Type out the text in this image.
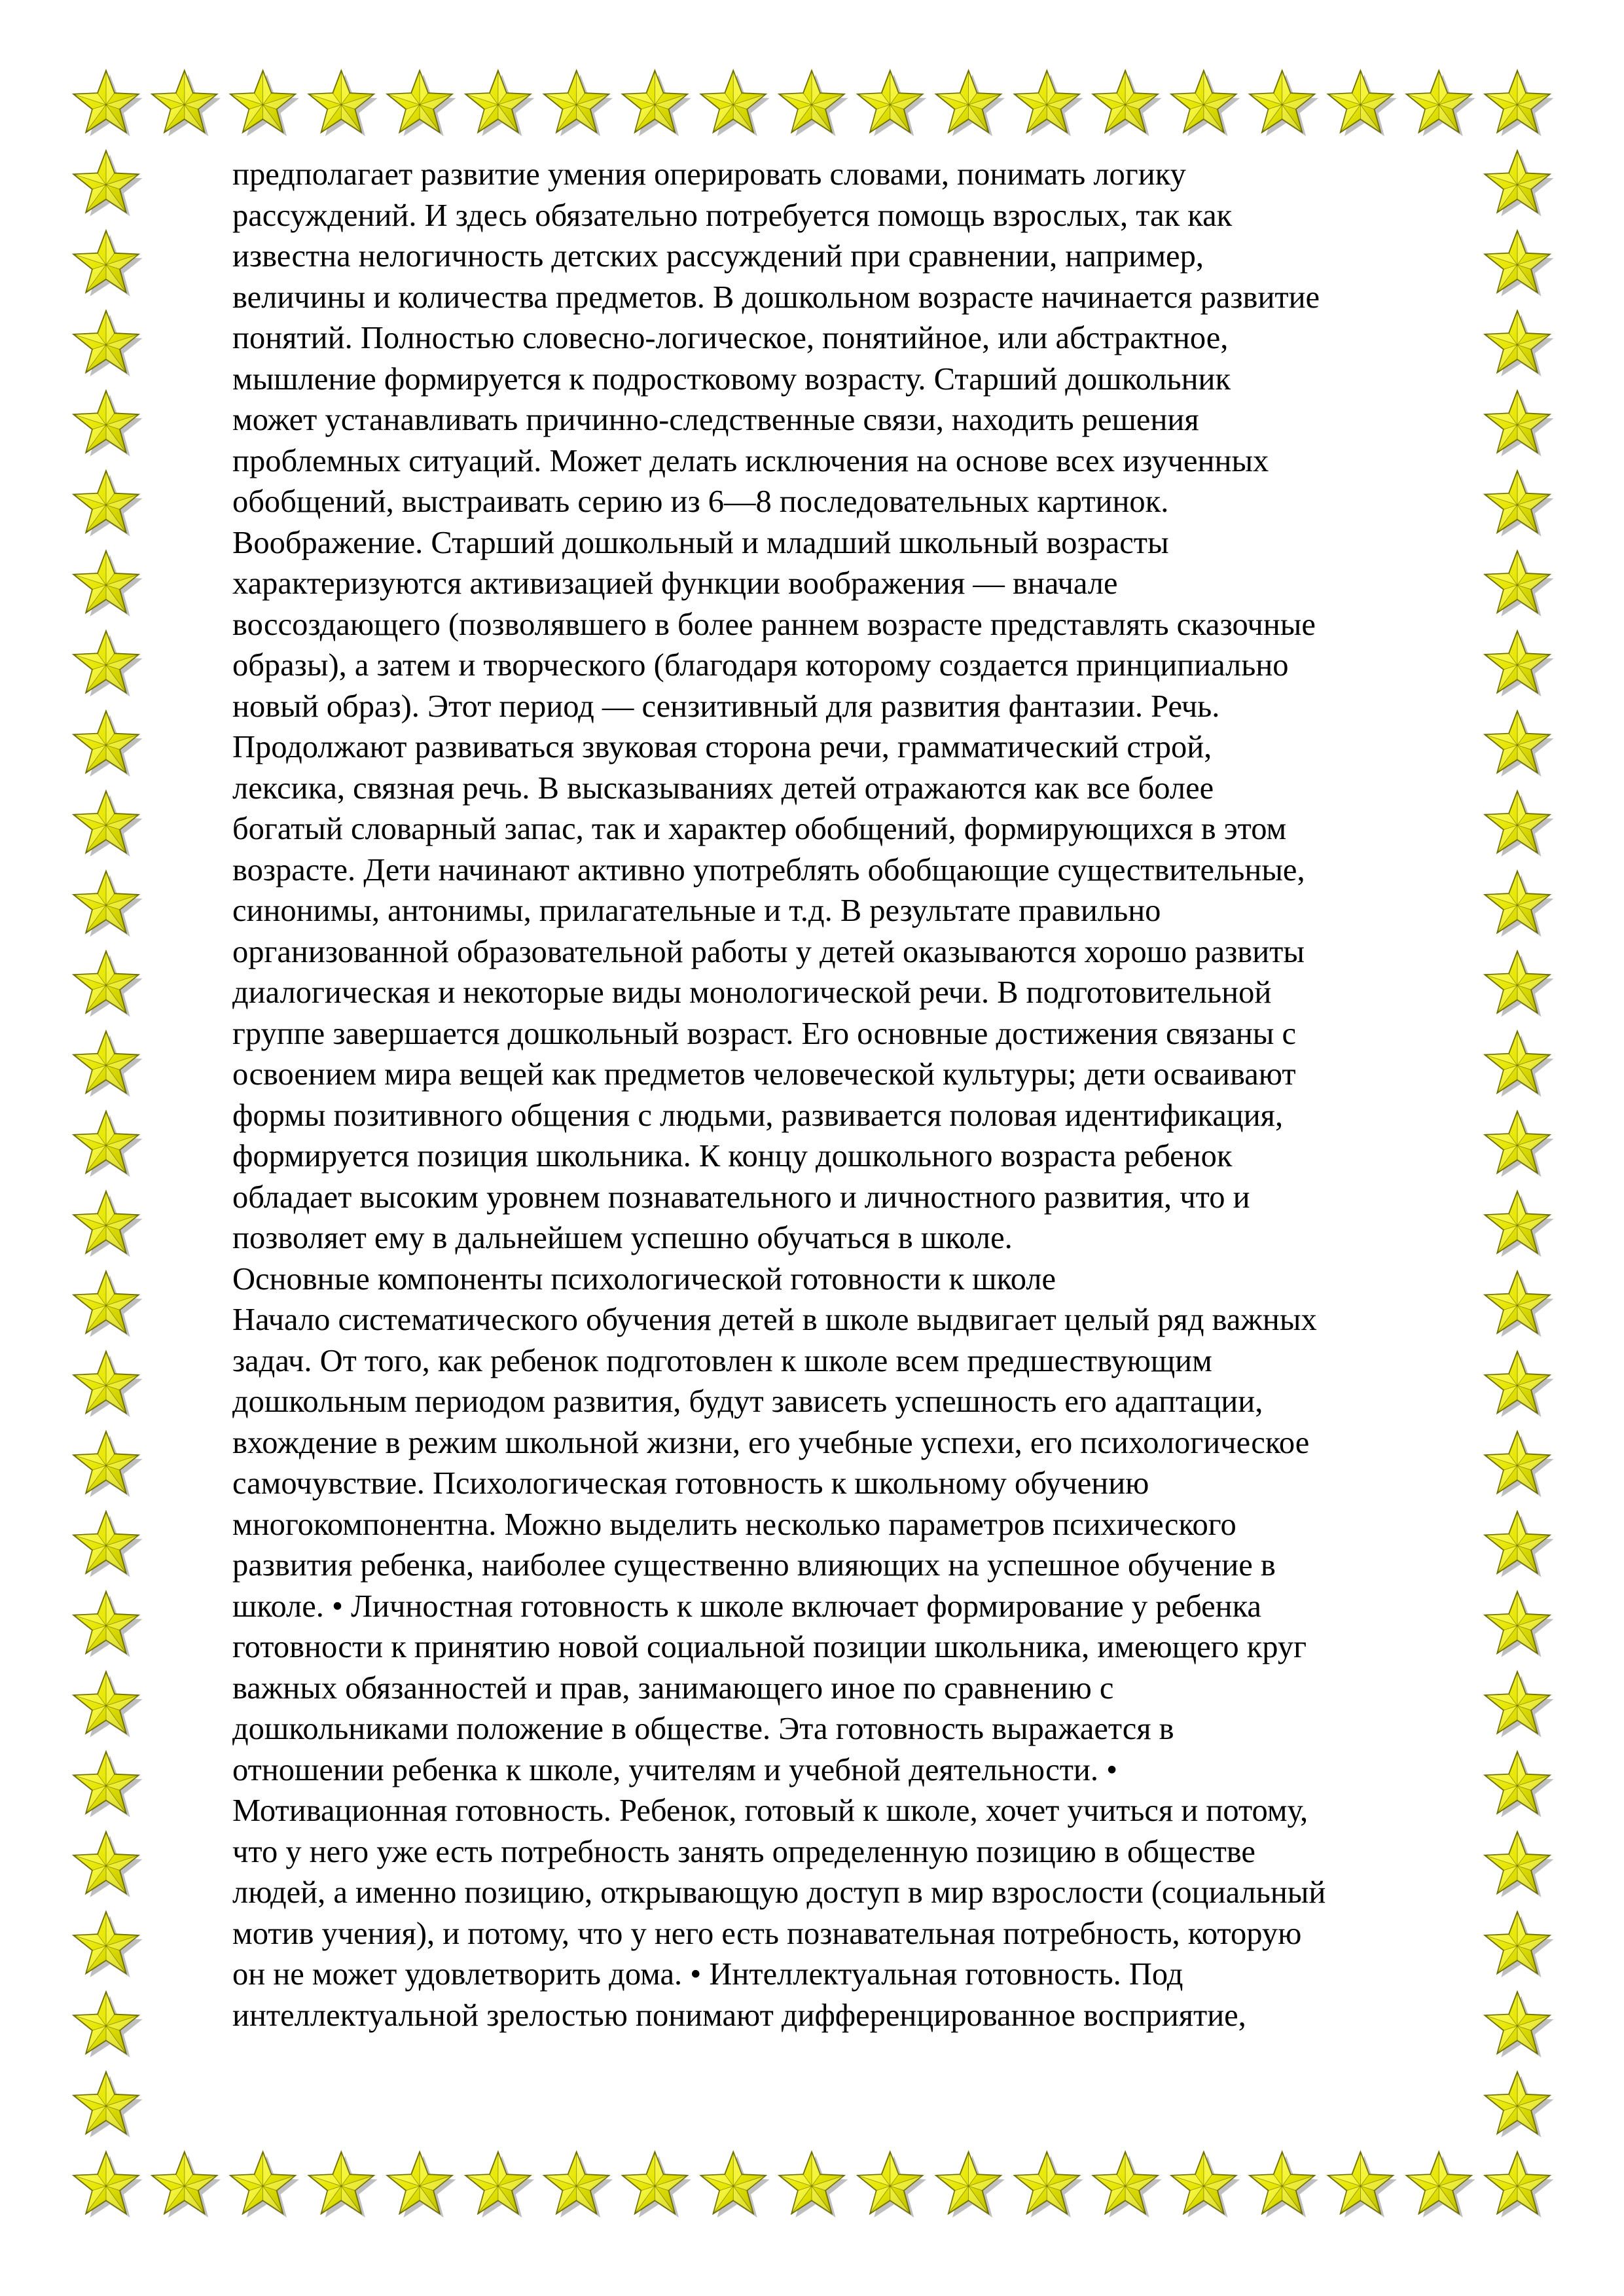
предполагает развитие умения оперировать словами, понимать логику
рассуждений. И здесь обязательно потребуется помощь взрослых, так как
известна нелогичность детских рассуждений при сравнении, например,
величины и количества предметов. В дошкольном возрасте начинается развитие
понятий. Полностью словесно-логическое, понятийное, или абстрактное,
мышление формируется к подростковому возрасту. Старший дошкольник
может устанавливать причинно-следственные связи, находить решения
проблемных ситуаций. Может делать исключения на основе всех изученных
обобщений, выстраивать серию из 6—8 последовательных картинок.
Воображение. Старший дошкольный и младший школьный возрасты
характеризуются активизацией функции воображения — вначале
воссоздающего (позволявшего в более раннем возрасте представлять сказочные
образы), а затем и творческого (благодаря которому создается принципиально
новый образ). Этот период — сензитивный для развития фантазии. Речь.
Продолжают развиваться звуковая сторона речи, грамматический строй,
лексика, связная речь. В высказываниях детей отражаются как все более
богатый словарный запас, так и характер обобщений, формирующихся в этом
возрасте. Дети начинают активно употреблять обобщающие существительные,
синонимы, антонимы, прилагательные и т.д. В результате правильно
организованной образовательной работы у детей оказываются хорошо развиты
диалогическая и некоторые виды монологической речи. В подготовительной
группе завершается дошкольный возраст. Его основные достижения связаны с
освоением мира вещей как предметов человеческой культуры; дети осваивают
формы позитивного общения с людьми, развивается половая идентификация,
формируется позиция школьника. К концу дошкольного возраста ребенок
обладает высоким уровнем познавательного и личностного развития, что и
позволяет ему в дальнейшем успешно обучаться в школе.
Основные компоненты психологической готовности к школе
Начало систематического обучения детей в школе выдвигает целый ряд важных
задач. От того, как ребенок подготовлен к школе всем предшествующим
дошкольным периодом развития, будут зависеть успешность его адаптации,
вхождение в режим школьной жизни, его учебные успехи, его психологическое
самочувствие. Психологическая готовность к школьному обучению
многокомпонентна. Можно выделить несколько параметров психического
развития ребенка, наиболее существенно влияющих на успешное обучение в
школе. • Личностная готовность к школе включает формирование у ребенка
готовности к принятию новой социальной позиции школьника, имеющего круг
важных обязанностей и прав, занимающего иное по сравнению с
дошкольниками положение в обществе. Эта готовность выражается в
отношении ребенка к школе, учителям и учебной деятельности. •
Мотивационная готовность. Ребенок, готовый к школе, хочет учиться и потому,
что у него уже есть потребность занять определенную позицию в обществе
людей, а именно позицию, открывающую доступ в мир взрослости (социальный
мотив учения), и потому, что у него есть познавательная потребность, которую
он не может удовлетворить дома. • Интеллектуальная готовность. Под
интеллектуальной зрелостью понимают дифференцированное восприятие,
